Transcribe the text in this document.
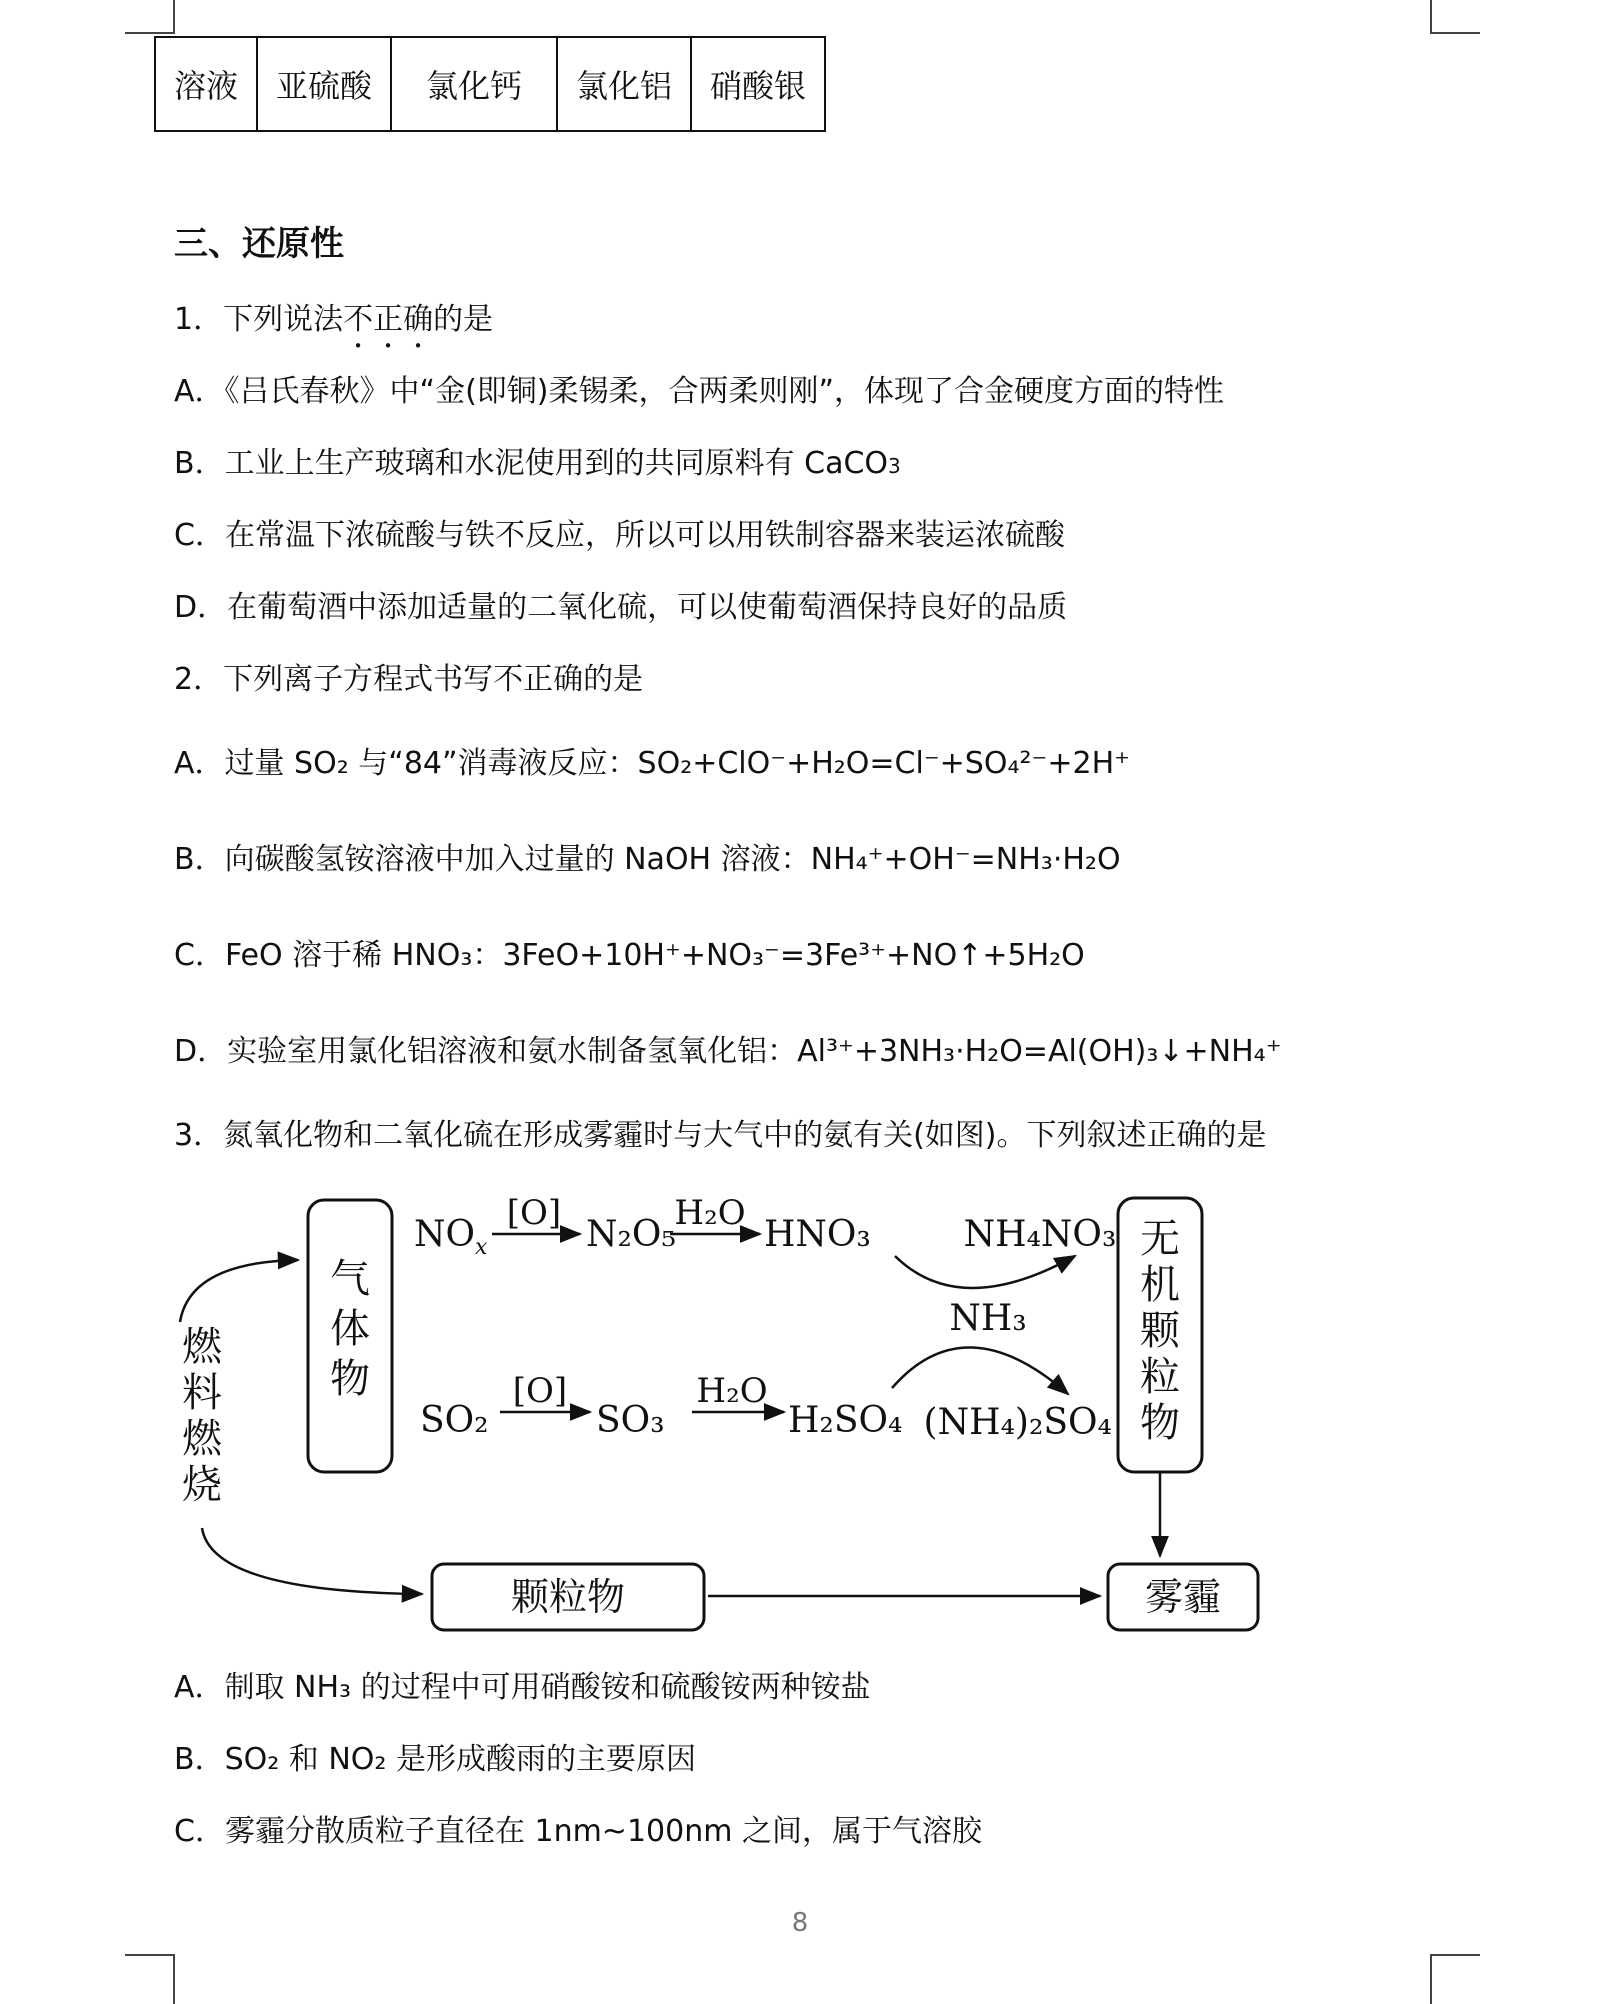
溶液	亚硫酸	氯化钙	氯化铝	硝酸银
三、还原性
1．下列说法不正确的是
A．《吕氏春秋》中“金(即铜)柔锡柔，合两柔则刚”，体现了合金硬度方面的特性
B．工业上生产玻璃和水泥使用到的共同原料有 CaCO3
C．在常温下浓硫酸与铁不反应，所以可以用铁制容器来装运浓硫酸
D．在葡萄酒中添加适量的二氧化硫，可以使葡萄酒保持良好的品质
2．下列离子方程式书写不正确的是
A．过量 SO₂ 与“84”消毒液反应：SO₂+ClO⁻+H₂O=Cl⁻+SO₄²⁻+2H⁺
B．向碳酸氢铵溶液中加入过量的 NaOH 溶液：NH₄⁺+OH⁻=NH₃·H₂O
C．FeO 溶于稀 HNO₃：3FeO+10H⁺+NO₃⁻=3Fe³⁺+NO↑+5H₂O
D．实验室用氯化铝溶液和氨水制备氢氧化铝：Al³⁺+3NH₃·H₂O=Al(OH)₃↓+NH₄⁺
3．氮氧化物和二氧化硫在形成雾霾时与大气中的氨有关(如图)。下列叙述正确的是
气
体
物
燃
料
燃
烧
$NO_x$
[O]
N₂O₅
H₂O
HNO₃	NH₄NO₃
NH₃
SO₂
[O]
SO₃
H₂O
H₂SO₄ (NH₄)₂SO₄
无
机
颗
粒
物
颗粒物	雾霾
A．制取 NH₃ 的过程中可用硝酸铵和硫酸铵两种铵盐
B．SO₂ 和 NO₂ 是形成酸雨的主要原因
C．雾霾分散质粒子直径在 1nm~100nm 之间，属于气溶胶
8
